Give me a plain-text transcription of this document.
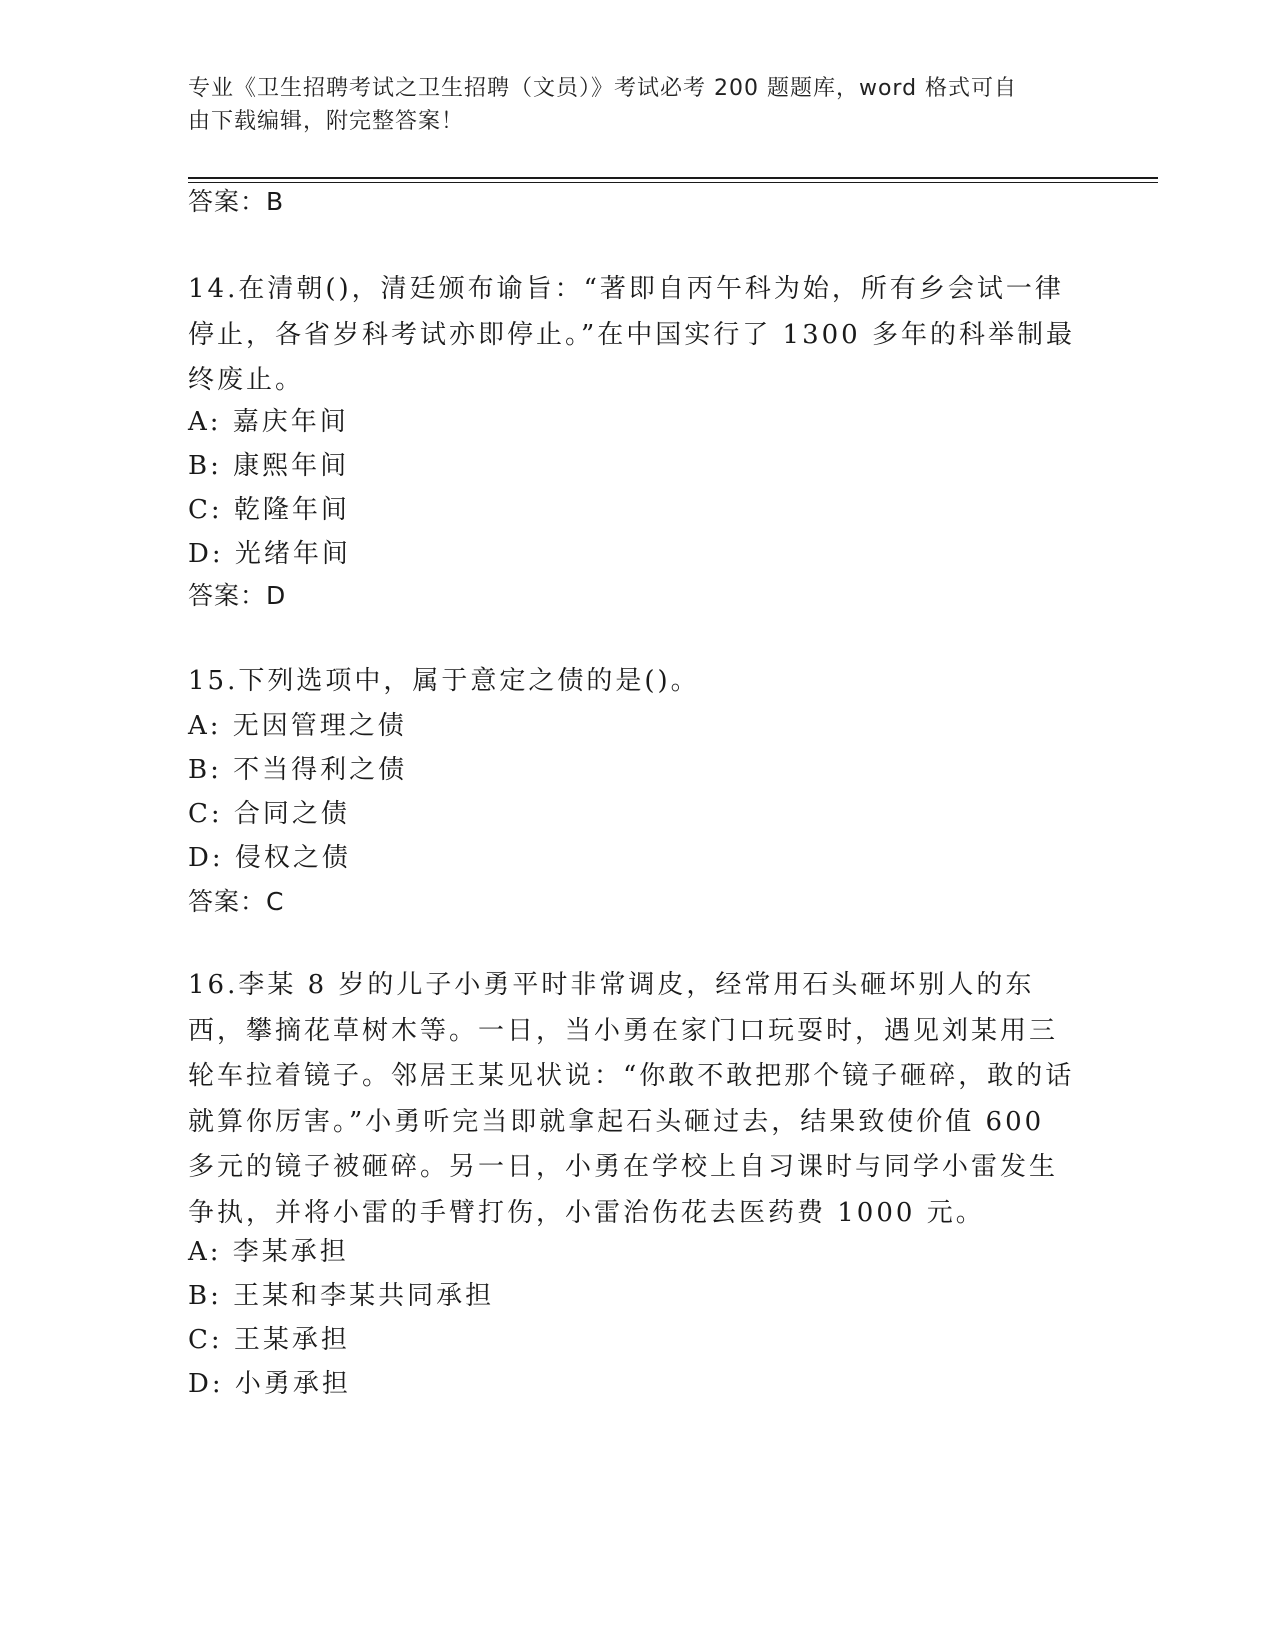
专业《卫生招聘考试之卫生招聘（文员）》考试必考 200 题题库，word 格式可自
由下载编辑，附完整答案！
答案：B
14.在清朝()，清廷颁布谕旨：“著即自丙午科为始，所有乡会试一律停止，各省岁科考试亦即停止。”在中国实行了 1300 多年的科举制最终废止。
A: 嘉庆年间
B: 康熙年间
C: 乾隆年间
D: 光绪年间
答案：D
15.下列选项中，属于意定之债的是()。
A: 无因管理之债
B: 不当得利之债
C: 合同之债
D: 侵权之债
答案：C
16.李某 8 岁的儿子小勇平时非常调皮，经常用石头砸坏别人的东西，攀摘花草树木等。一日，当小勇在家门口玩耍时，遇见刘某用三轮车拉着镜子。邻居王某见状说：“你敢不敢把那个镜子砸碎，敢的话就算你厉害。”小勇听完当即就拿起石头砸过去，结果致使价值 600 多元的镜子被砸碎。另一日，小勇在学校上自习课时与同学小雷发生争执，并将小雷的手臂打伤，小雷治伤花去医药费 1000 元。
A: 李某承担
B: 王某和李某共同承担
C: 王某承担
D: 小勇承担
